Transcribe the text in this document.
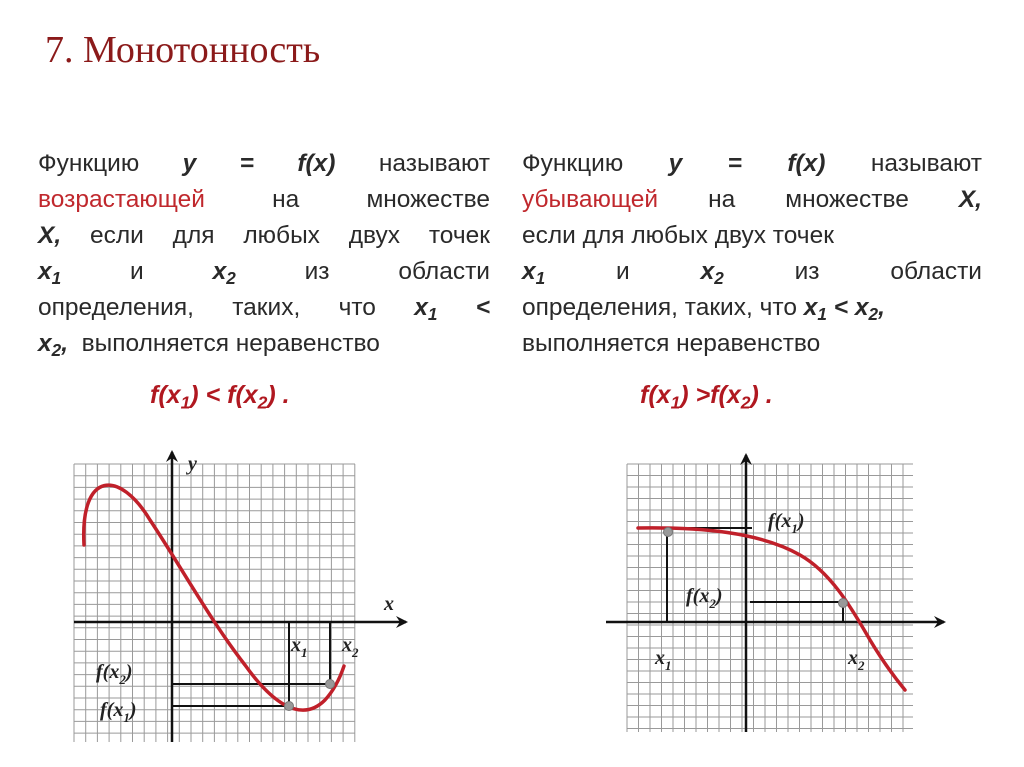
7. Монотонность

Функцию y = f(x) называют

возрастающей	на	множестве

X, если для любых двух точек

$x_1$	и	$x_2$	из	области

определения, таких, что $x_1$ <

$x_2$, выполняется неравенство

$f(x_1) < f(x_2)$ .

Функцию y = f(x) называют

убывающей на множестве X,

если для любых двух точек

$x_1$	и	$x_2$	из	области

определения, таких, что $x_1 < x_2$,

выполняется неравенство

$f(x_1) >f(x_2)$ .
y
x
$x_1$ $x_2$
$f(x_2)$
$f(x_1)$
$f(x_1)$
$f(x_2)$
$x_1$	$x_2$
